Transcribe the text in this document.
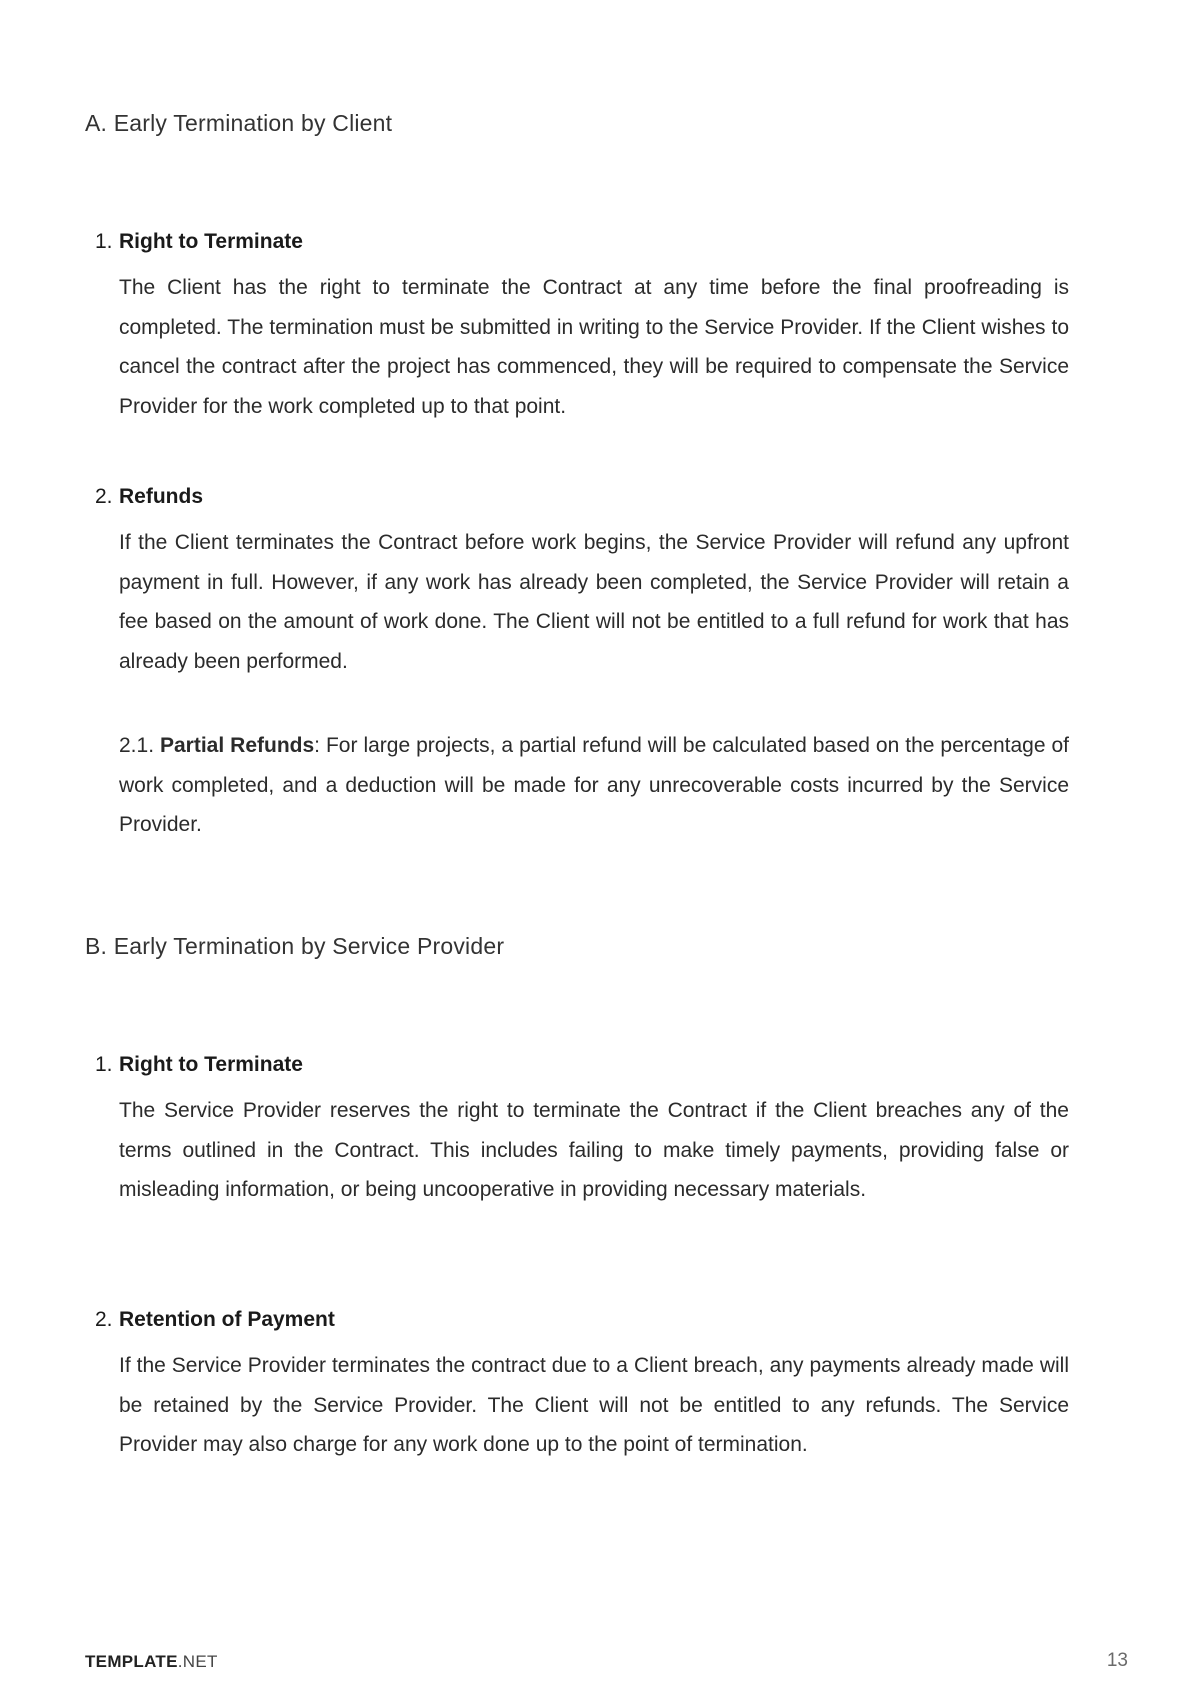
A. Early Termination by Client
1. Right to Terminate
The Client has the right to terminate the Contract at any time before the final proofreading is completed. The termination must be submitted in writing to the Service Provider. If the Client wishes to cancel the contract after the project has commenced, they will be required to compensate the Service Provider for the work completed up to that point.
2. Refunds
If the Client terminates the Contract before work begins, the Service Provider will refund any upfront payment in full. However, if any work has already been completed, the Service Provider will retain a fee based on the amount of work done. The Client will not be entitled to a full refund for work that has already been performed.
2.1. Partial Refunds: For large projects, a partial refund will be calculated based on the percentage of work completed, and a deduction will be made for any unrecoverable costs incurred by the Service Provider.
B. Early Termination by Service Provider
1. Right to Terminate
The Service Provider reserves the right to terminate the Contract if the Client breaches any of the terms outlined in the Contract. This includes failing to make timely payments, providing false or misleading information, or being uncooperative in providing necessary materials.
2. Retention of Payment
If the Service Provider terminates the contract due to a Client breach, any payments already made will be retained by the Service Provider. The Client will not be entitled to any refunds. The Service Provider may also charge for any work done up to the point of termination.
TEMPLATE.NET	13
